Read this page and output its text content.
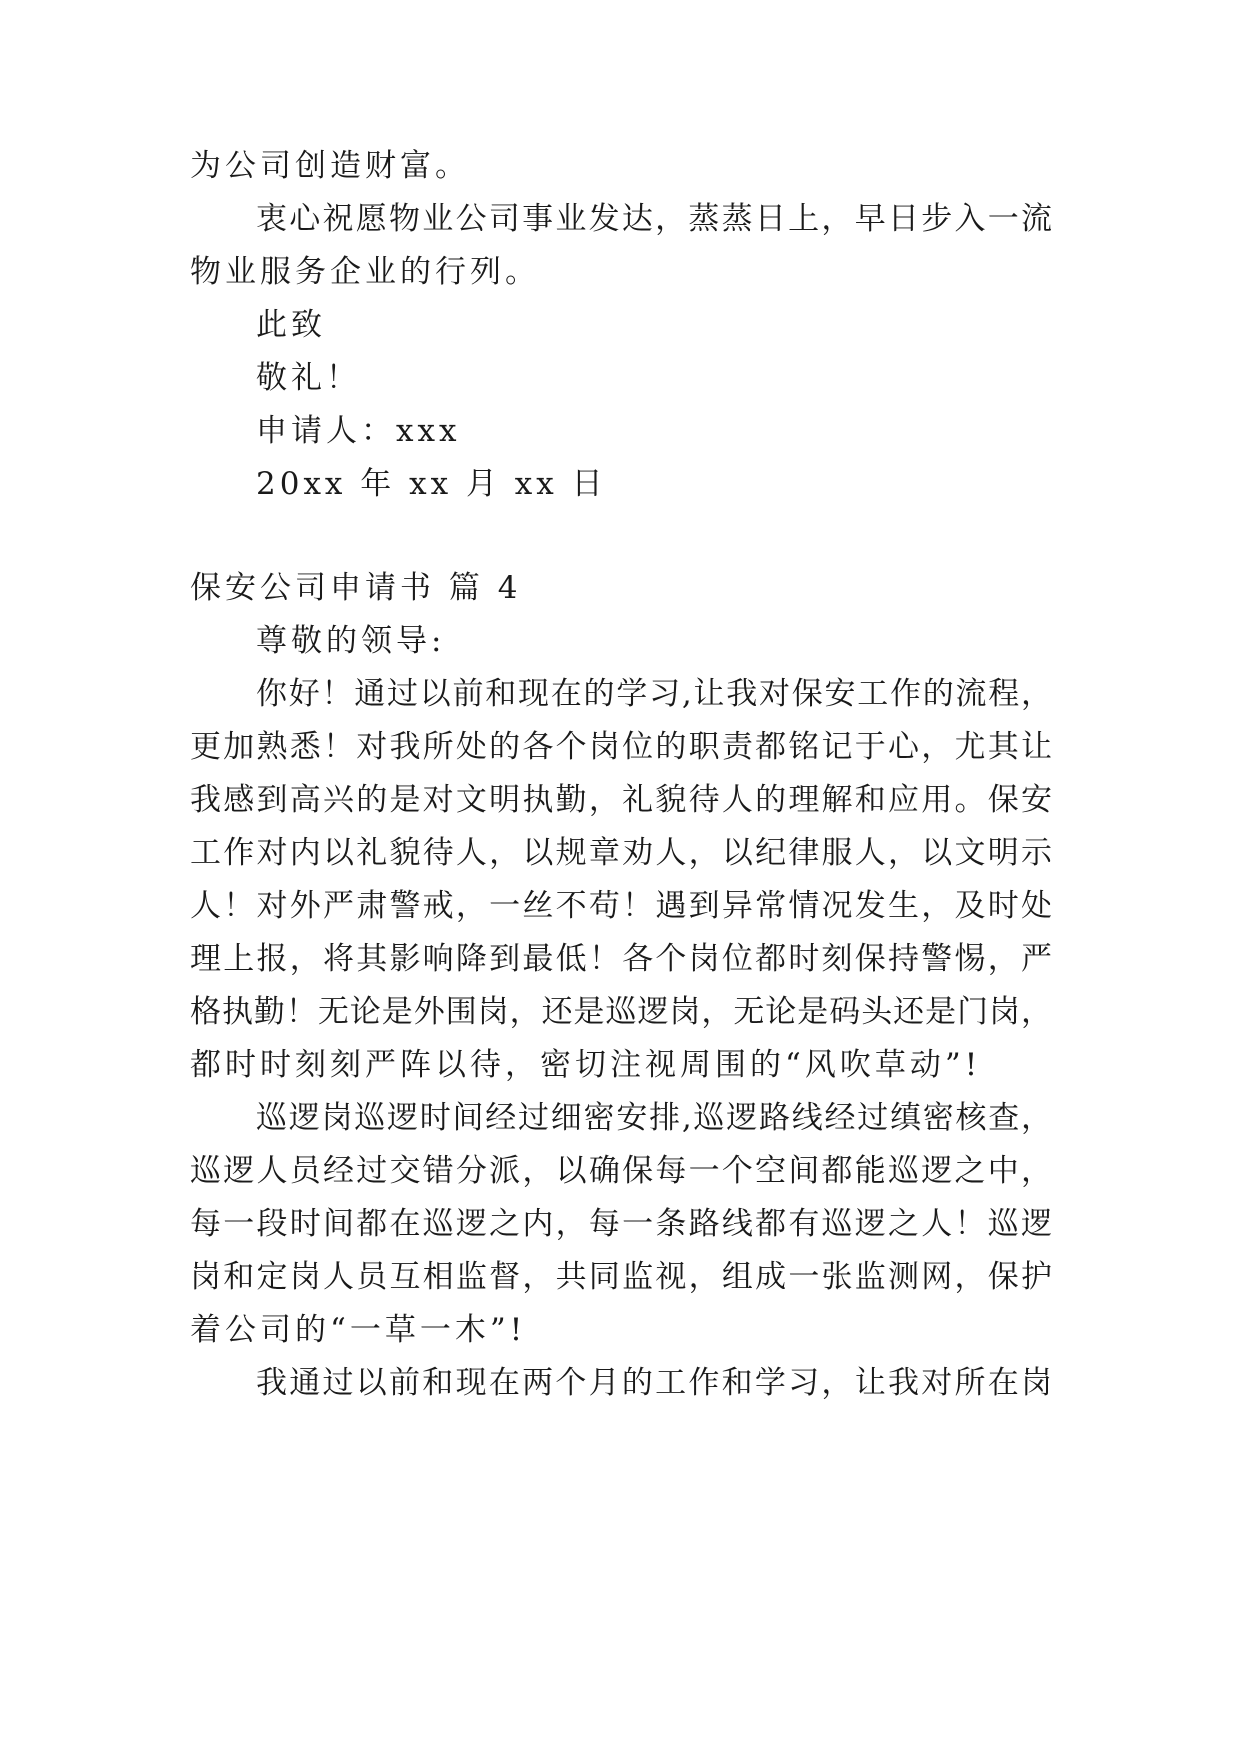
为公司创造财富。
衷心祝愿物业公司事业发达，蒸蒸日上，早日步入一流
物业服务企业的行列。
此致
敬礼！
申请人：xxx
20xx 年 xx 月 xx 日
保安公司申请书 篇 4
尊敬的领导:
你好！通过以前和现在的学习,让我对保安工作的流程，
更加熟悉！对我所处的各个岗位的职责都铭记于心，尤其让
我感到高兴的是对文明执勤，礼貌待人的理解和应用。保安
工作对内以礼貌待人，以规章劝人，以纪律服人，以文明示
人！对外严肃警戒，一丝不苟！遇到异常情况发生，及时处
理上报，将其影响降到最低！各个岗位都时刻保持警惕，严
格执勤！无论是外围岗，还是巡逻岗，无论是码头还是门岗，
都时时刻刻严阵以待，密切注视周围的“风吹草动”!
巡逻岗巡逻时间经过细密安排,巡逻路线经过缜密核查，
巡逻人员经过交错分派，以确保每一个空间都能巡逻之中，
每一段时间都在巡逻之内，每一条路线都有巡逻之人！巡逻
岗和定岗人员互相监督，共同监视，组成一张监测网，保护
着公司的“一草一木”!
我通过以前和现在两个月的工作和学习，让我对所在岗
